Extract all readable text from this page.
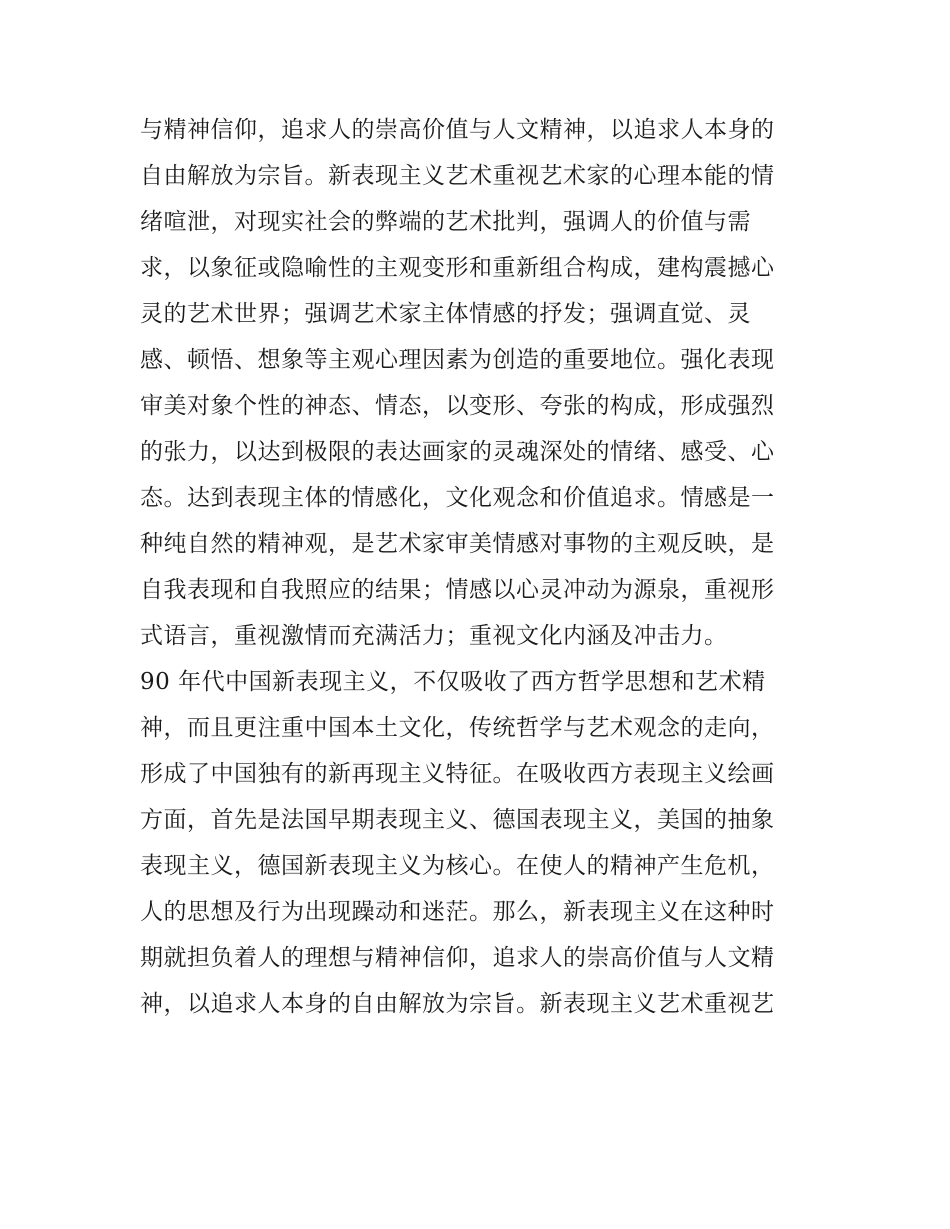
与精神信仰，追求人的崇高价值与人文精神，以追求人本身的
自由解放为宗旨。新表现主义艺术重视艺术家的心理本能的情
绪喧泄，对现实社会的弊端的艺术批判，强调人的价值与需
求，以象征或隐喻性的主观变形和重新组合构成，建构震撼心
灵的艺术世界；强调艺术家主体情感的抒发；强调直觉、灵
感、顿悟、想象等主观心理因素为创造的重要地位。强化表现
审美对象个性的神态、情态，以变形、夸张的构成，形成强烈
的张力，以达到极限的表达画家的灵魂深处的情绪、感受、心
态。达到表现主体的情感化，文化观念和价值追求。情感是一
种纯自然的精神观，是艺术家审美情感对事物的主观反映，是
自我表现和自我照应的结果；情感以心灵冲动为源泉，重视形
式语言，重视激情而充满活力；重视文化内涵及冲击力。
90 年代中国新表现主义，不仅吸收了西方哲学思想和艺术精
神，而且更注重中国本土文化，传统哲学与艺术观念的走向，
形成了中国独有的新再现主义特征。在吸收西方表现主义绘画
方面，首先是法国早期表现主义、德国表现主义，美国的抽象
表现主义，德国新表现主义为核心。在使人的精神产生危机，
人的思想及行为出现躁动和迷茫。那么，新表现主义在这种时
期就担负着人的理想与精神信仰，追求人的崇高价值与人文精
神，以追求人本身的自由解放为宗旨。新表现主义艺术重视艺
